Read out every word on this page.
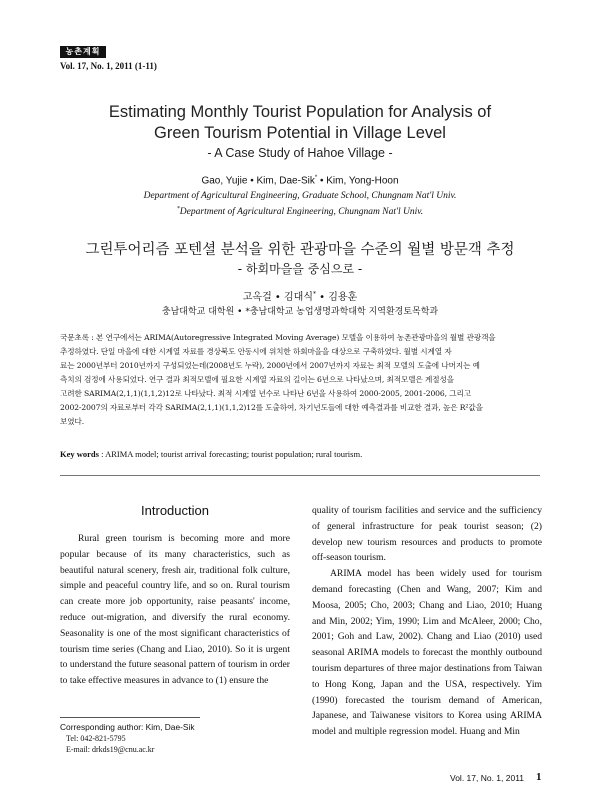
농촌계획
Vol. 17, No. 1, 2011 (1-11)
Estimating Monthly Tourist Population for Analysis of
Green Tourism Potential in Village Level
- A Case Study of Hahoe Village -
Gao, Yujie • Kim, Dae-Sik* • Kim, Yong-Hoon
Department of Agricultural Engineering, Graduate School, Chungnam Nat'l Univ.
*Department of Agricultural Engineering, Chungnam Nat'l Univ.
그린투어리즘 포텐셜 분석을 위한 관광마을 수준의 월별 방문객 추정
- 하회마을을 중심으로 -
고옥걸 • 김대식* • 김용훈
충남대학교 대학원 • *충남대학교 농업생명과학대학 지역환경토목학과

국문초록 : 본 연구에서는 ARIMA(Autoregressive Integrated Moving Average) 모델을 이용하여 농촌관광마을의 월별 관광객을

추정하였다. 단일 마을에 대한 시계열 자료를 경상북도 안동시에 위치한 하회마을을 대상으로 구축하였다. 월별 시계열 자

료는 2000년부터 2010년까지 구성되었는데(2008년도 누락), 2000년에서 2007년까지 자료는 최적 모델의 도출에 나머지는 예

측치의 검정에 사용되었다. 연구 결과 최적모델에 필요한 시계열 자료의 길이는 6년으로 나타났으며, 최적모델은 계절성을

고려한 SARIMA(2,1,1)(1,1,2)12로 나타났다. 최적 시계열 년수로 나타난 6년을 사용하여 2000-2005, 2001-2006, 그리고

2002-2007의 자료로부터 각각 SARIMA(2,1,1)(1,1,2)12를 도출하여, 차기년도들에 대한 예측결과를 비교한 결과, 높은 R²값을

보였다.

Key words : ARIMA model; tourist arrival forecasting; tourist population; rural tourism.
Introduction

Rural green tourism is becoming more and more popular because of its many characteristics, such as beautiful natural scenery, fresh air, traditional folk culture, simple and peaceful country life, and so on. Rural tourism can create more job opportunity, raise peasants' income, reduce out-migration, and diversify the rural economy. Seasonality is one of the most significant characteristics of tourism time series (Chang and Liao, 2010). So it is urgent to understand the future seasonal pattern of tourism in order to take effective measures in advance to (1) ensure the

quality of tourism facilities and service and the sufficiency of general infrastructure for peak tourist season; (2) develop new tourism resources and products to promote off-season tourism.

ARIMA model has been widely used for tourism demand forecasting (Chen and Wang, 2007; Kim and Moosa, 2005; Cho, 2003; Chang and Liao, 2010; Huang and Min, 2002; Yim, 1990; Lim and McAleer, 2000; Cho, 2001; Goh and Law, 2002). Chang and Liao (2010) used seasonal ARIMA models to forecast the monthly outbound tourism departures of three major destinations from Taiwan to Hong Kong, Japan and the USA, respectively. Yim (1990) forecasted the tourism demand of American, Japanese, and Taiwanese visitors to Korea using ARIMA model and multiple regression model. Huang and Min

Corresponding author: Kim, Dae-Sik
Tel: 042-821-5795
E-mail: drkds19@cnu.ac.kr
Vol. 17, No. 1, 2011 1
